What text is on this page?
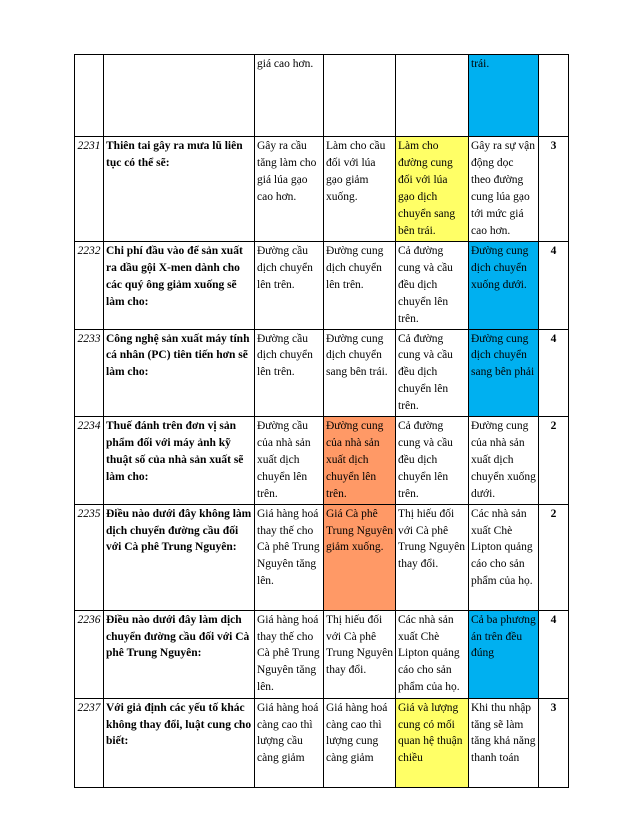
		giá cao hơn.			trái.	
2231	Thiên tai gây ra mưa lũ liên tục có thể sẽ:	Gây ra cầu tăng làm cho giá lúa gạo cao hơn.	Làm cho cầu đối với lúa gạo giảm xuống.	Làm cho đường cung đối với lúa gạo dịch chuyển sang bên trái.	Gây ra sự vận động dọc theo đường cung lúa gạo tới mức giá cao hơn.	3
2232	Chi phí đầu vào để sản xuất ra dầu gội X-men dành cho các quý ông giảm xuống sẽ làm cho:	Đường cầu dịch chuyển lên trên.	Đường cung dịch chuyển lên trên.	Cả đường cung và cầu đều dịch chuyển lên trên.	Đường cung dịch chuyển xuống dưới.	4
2233	Công nghệ sản xuất máy tính cá nhân (PC) tiên tiến hơn sẽ làm cho:	Đường cầu dịch chuyển lên trên.	Đường cung dịch chuyển sang bên trái.	Cả đường cung và cầu đều dịch chuyển lên trên.	Đường cung dịch chuyển sang bên phải	4
2234	Thuế đánh trên đơn vị sản phẩm đối với máy ảnh kỹ thuật số của nhà sản xuất sẽ làm cho:	Đường cầu của nhà sản xuất dịch chuyển lên trên.	Đường cung của nhà sản xuất dịch chuyển lên trên.	Cả đường cung và cầu đều dịch chuyển lên trên.	Đường cung của nhà sản xuất dịch chuyển xuống dưới.	2
2235	Điều nào dưới đây không làm dịch chuyển đường cầu đối với Cà phê Trung Nguyên:	Giá hàng hoá thay thế cho Cà phê Trung Nguyên tăng lên.	Giá Cà phê Trung Nguyên giảm xuống.	Thị hiếu đối với Cà phê Trung Nguyên thay đổi.	Các nhà sản xuất Chè Lipton quảng cáo cho sản phẩm của họ.	2
2236	Điều nào dưới đây làm dịch chuyển đường cầu đối với Cà phê Trung Nguyên:	Giá hàng hoá thay thế cho Cà phê Trung Nguyên tăng lên.	Thị hiếu đối với Cà phê Trung Nguyên thay đổi.	Các nhà sản xuất Chè Lipton quảng cáo cho sản phẩm của họ.	Cả ba phương án trên đều đúng	4
2237	Với giả định các yếu tố khác không thay đổi, luật cung cho biết:	Giá hàng hoá càng cao thì lượng cầu càng giảm	Giá hàng hoá càng cao thì lượng cung càng giảm	Giá và lượng cung có mối quan hệ thuận chiều	Khi thu nhập tăng sẽ làm tăng khả năng thanh toán	3
